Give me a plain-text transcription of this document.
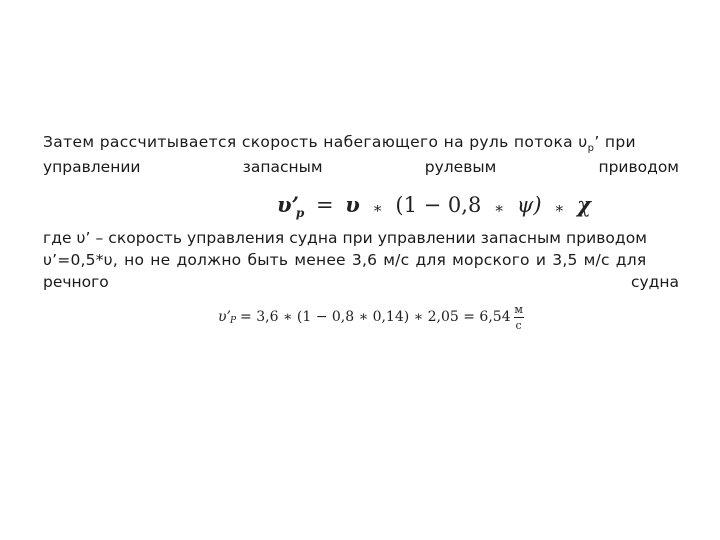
Затем рассчитывается скорость набегающего на руль потока $\upsilon_р$’ при
управлении	запасным	рулевым	приводом
$\upsilon’_р = \upsilon$ ∗ (1 − 0,8 ∗ ψ) ∗ χ
где υ’ – скорость управления судна при управлении запасным приводом
υ’=0,5*υ, но не должно быть менее 3,6 м/с для морского и 3,5 м/с для
речного	судна
υ’ Р = 3,6 ∗ (1 − 0,8 ∗ 0,14) ∗ $2,05 = 6,54 \frac{м}{с}$
